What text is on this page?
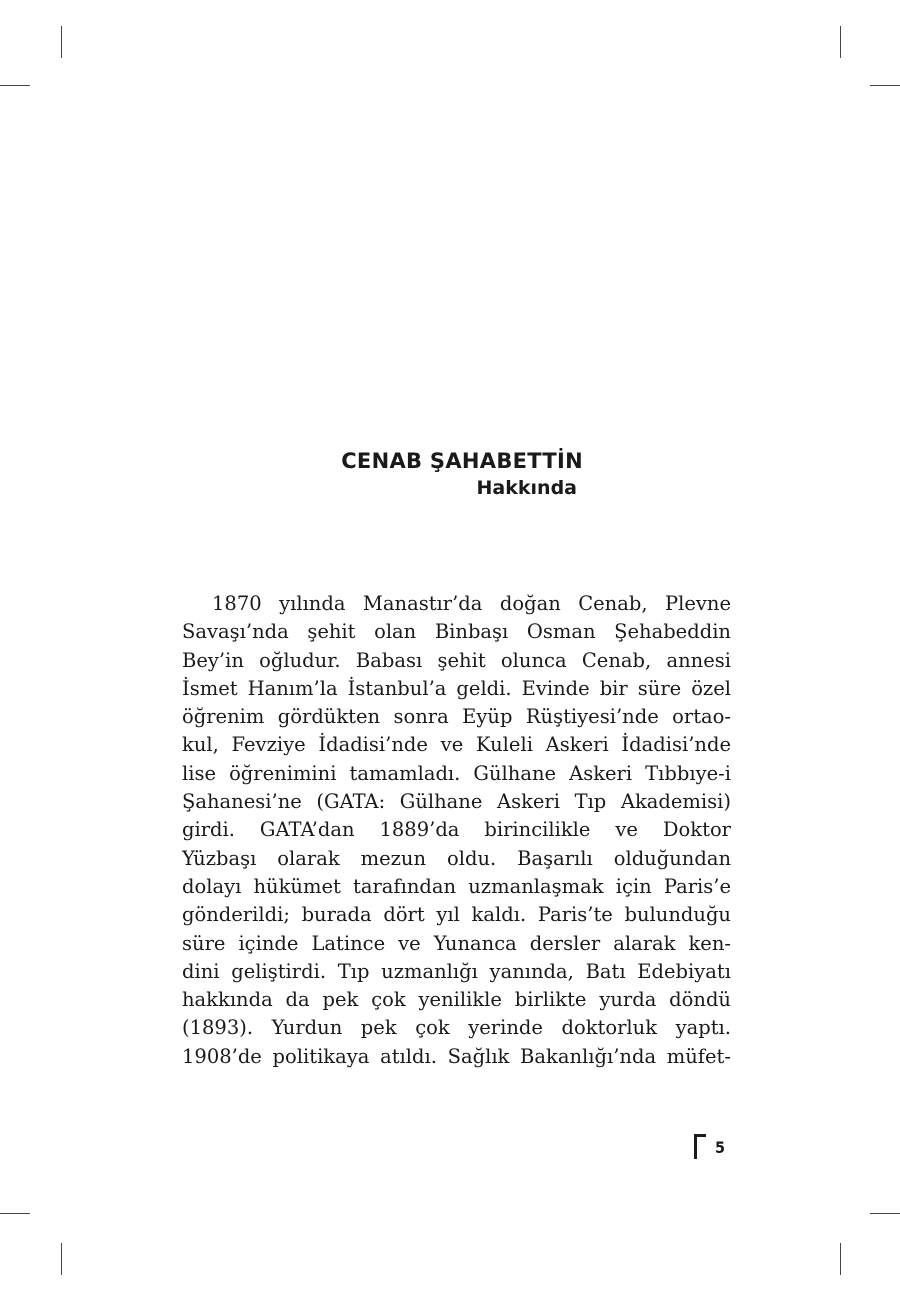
CENAB ŞAHABETTİN
Hakkında
1870 yılında Manastır’da doğan Cenab, Plevne
Savaşı’nda şehit olan Binbaşı Osman Şehabeddin
Bey’in oğludur. Babası şehit olunca Cenab, annesi
İsmet Hanım’la İstanbul’a geldi. Evinde bir süre özel
öğrenim gördükten sonra Eyüp Rüştiyesi’nde ortao-
kul, Fevziye İdadisi’nde ve Kuleli Askeri İdadisi’nde
lise öğrenimini tamamladı. Gülhane Askeri Tıbbıye-i
Şahanesi’ne (GATA: Gülhane Askeri Tıp Akademisi)
girdi. GATA’dan 1889’da birincilikle ve Doktor
Yüzbaşı olarak mezun oldu. Başarılı olduğundan
dolayı hükümet tarafından uzmanlaşmak için Paris’e
gönderildi; burada dört yıl kaldı. Paris’te bulunduğu
süre içinde Latince ve Yunanca dersler alarak ken-
dini geliştirdi. Tıp uzmanlığı yanında, Batı Edebiyatı
hakkında da pek çok yenilikle birlikte yurda döndü
(1893). Yurdun pek çok yerinde doktorluk yaptı.
1908’de politikaya atıldı. Sağlık Bakanlığı’nda müfet-
5
